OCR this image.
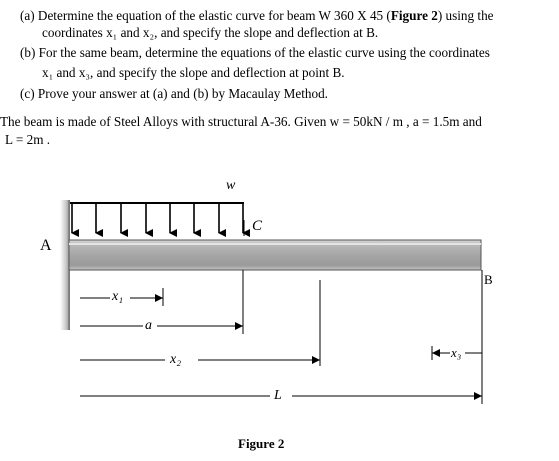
(a) Determine the equation of the elastic curve for beam W 360 X 45 (Figure 2) using the
coordinates x₁ and x₂, and specify the slope and deflection at B.
(b) For the same beam, determine the equations of the elastic curve using the coordinates
x₁ and x₃, and specify the slope and deflection at point B.
(c) Prove your answer at (a) and (b) by Macaulay Method.
The beam is made of Steel Alloys with structural A-36. Given w = 50kN / m , a = 1.5m and
L = 2m .
w
A
B
C
x₁
a
x₂
L
x₃
Figure 2
